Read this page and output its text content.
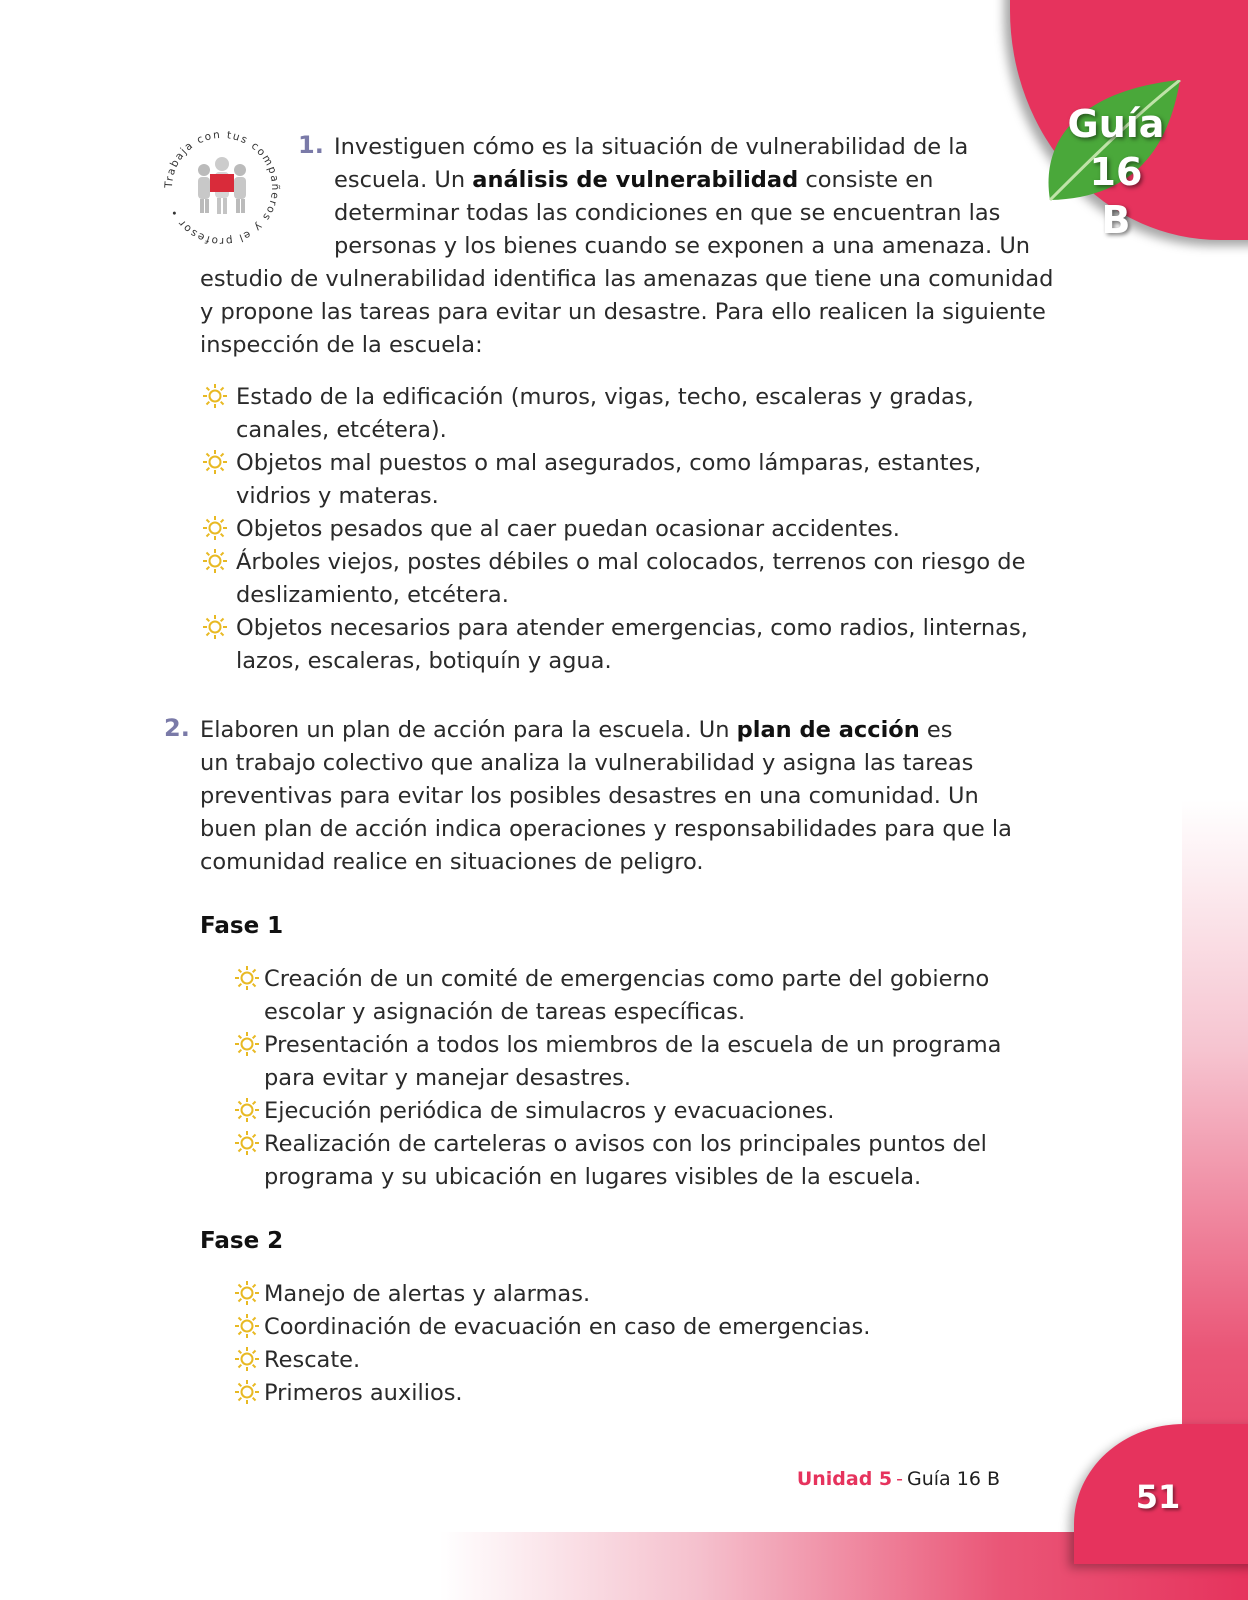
Guía 16
B
Trabaja con tus compañeros y el profesor •
1. Investiguen cómo es la situación de vulnerabilidad de la
escuela. Un análisis de vulnerabilidad consiste en
determinar todas las condiciones en que se encuentran las
personas y los bienes cuando se exponen a una amenaza. Un
estudio de vulnerabilidad identifica las amenazas que tiene una comunidad
y propone las tareas para evitar un desastre. Para ello realicen la siguiente
inspección de la escuela:
Estado de la edificación (muros, vigas, techo, escaleras y gradas,
canales, etcétera).
Objetos mal puestos o mal asegurados, como lámparas, estantes,
vidrios y materas.
Objetos pesados que al caer puedan ocasionar accidentes.
Árboles viejos, postes débiles o mal colocados, terrenos con riesgo de
deslizamiento, etcétera.
Objetos necesarios para atender emergencias, como radios, linternas,
lazos, escaleras, botiquín y agua.
2. Elaboren un plan de acción para la escuela. Un plan de acción es
un trabajo colectivo que analiza la vulnerabilidad y asigna las tareas
preventivas para evitar los posibles desastres en una comunidad. Un
buen plan de acción indica operaciones y responsabilidades para que la
comunidad realice en situaciones de peligro.
Fase 1
Creación de un comité de emergencias como parte del gobierno
escolar y asignación de tareas específicas.
Presentación a todos los miembros de la escuela de un programa
para evitar y manejar desastres.
Ejecución periódica de simulacros y evacuaciones.
Realización de carteleras o avisos con los principales puntos del
programa y su ubicación en lugares visibles de la escuela.
Fase 2
Manejo de alertas y alarmas.
Coordinación de evacuación en caso de emergencias.
Rescate.
Primeros auxilios.
Unidad 5 - Guía 16 B	51
